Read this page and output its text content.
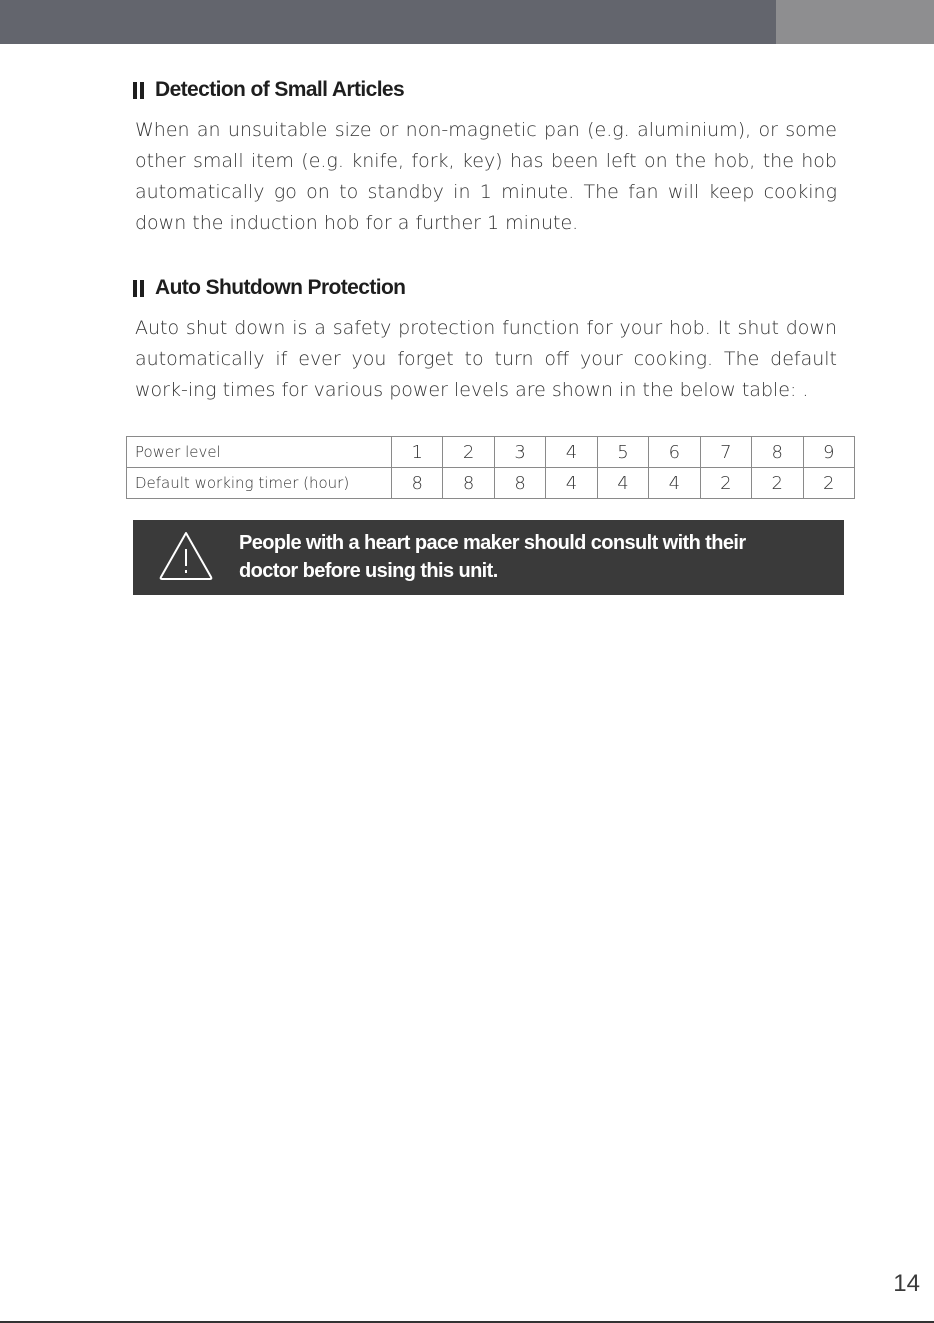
Detection of Small Articles
When an unsuitable size or non-magnetic pan (e.g. aluminium), or some other small item (e.g. knife, fork, key) has been left on the hob, the hob automatically go on to standby in 1 minute. The fan will keep cooking down the induction hob for a further 1 minute.
Auto Shutdown Protection
Auto shut down is a safety protection function for your hob. It shut down automatically if ever you forget to turn off your cooking. The default work-ing times for various power levels are shown in the below table: .
Power level	1	2	3	4	5	6	7	8	9
Default working timer (hour)	8	8	8	4	4	4	2	2	2
People with a heart pace maker should consult with their
doctor before using this unit.
14
